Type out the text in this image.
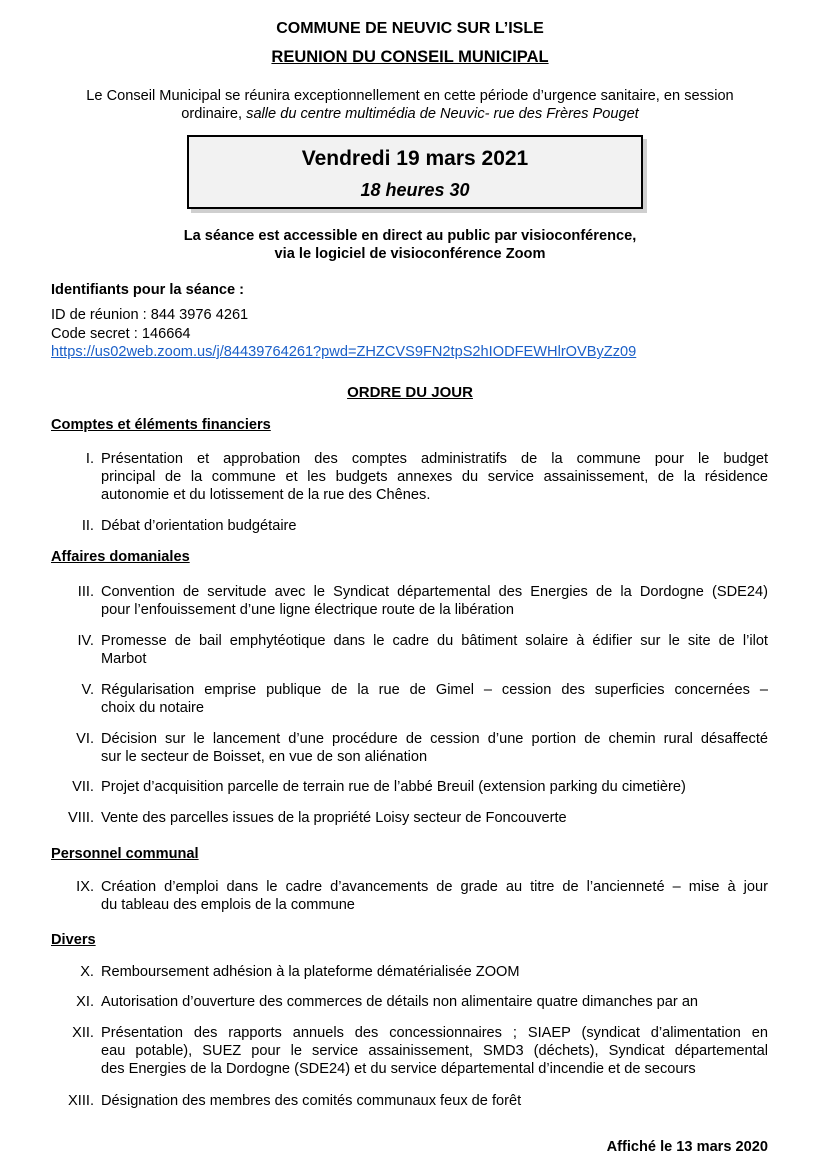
COMMUNE DE NEUVIC SUR L’ISLE
REUNION DU CONSEIL MUNICIPAL
Le Conseil Municipal se réunira exceptionnellement en cette période d’urgence sanitaire, en session
ordinaire, salle du centre multimédia de Neuvic- rue des Frères Pouget
Vendredi 19 mars 2021
18 heures 30
La séance est accessible en direct au public par visioconférence,
via le logiciel de visioconférence Zoom
Identifiants pour la séance :
ID de réunion : 844 3976 4261
Code secret : 146664
https://us02web.zoom.us/j/84439764261?pwd=ZHZCVS9FN2tpS2hIODFEWHlrOVByZz09
ORDRE DU JOUR
Comptes et éléments financiers
I. Présentation et approbation des comptes administratifs de la commune pour le budget
principal de la commune et les budgets annexes du service assainissement, de la résidence
autonomie et du lotissement de la rue des Chênes.
II. Débat d’orientation budgétaire
Affaires domaniales
III. Convention de servitude avec le Syndicat départemental des Energies de la Dordogne (SDE24)
pour l’enfouissement d’une ligne électrique route de la libération
IV. Promesse de bail emphytéotique dans le cadre du bâtiment solaire à édifier sur le site de l’ilot
Marbot
V. Régularisation emprise publique de la rue de Gimel – cession des superficies concernées –
choix du notaire
VI. Décision sur le lancement d’une procédure de cession d’une portion de chemin rural désaffecté
sur le secteur de Boisset, en vue de son aliénation
VII. Projet d’acquisition parcelle de terrain rue de l’abbé Breuil (extension parking du cimetière)
VIII. Vente des parcelles issues de la propriété Loisy secteur de Foncouverte
Personnel communal
IX. Création d’emploi dans le cadre d’avancements de grade au titre de l’ancienneté – mise à jour
du tableau des emplois de la commune
Divers
X. Remboursement adhésion à la plateforme dématérialisée ZOOM
XI. Autorisation d’ouverture des commerces de détails non alimentaire quatre dimanches par an
XII. Présentation des rapports annuels des concessionnaires ; SIAEP (syndicat d’alimentation en
eau potable), SUEZ pour le service assainissement, SMD3 (déchets), Syndicat départemental
des Energies de la Dordogne (SDE24) et du service départemental d’incendie et de secours
XIII. Désignation des membres des comités communaux feux de forêt
Affiché le 13 mars 2020
